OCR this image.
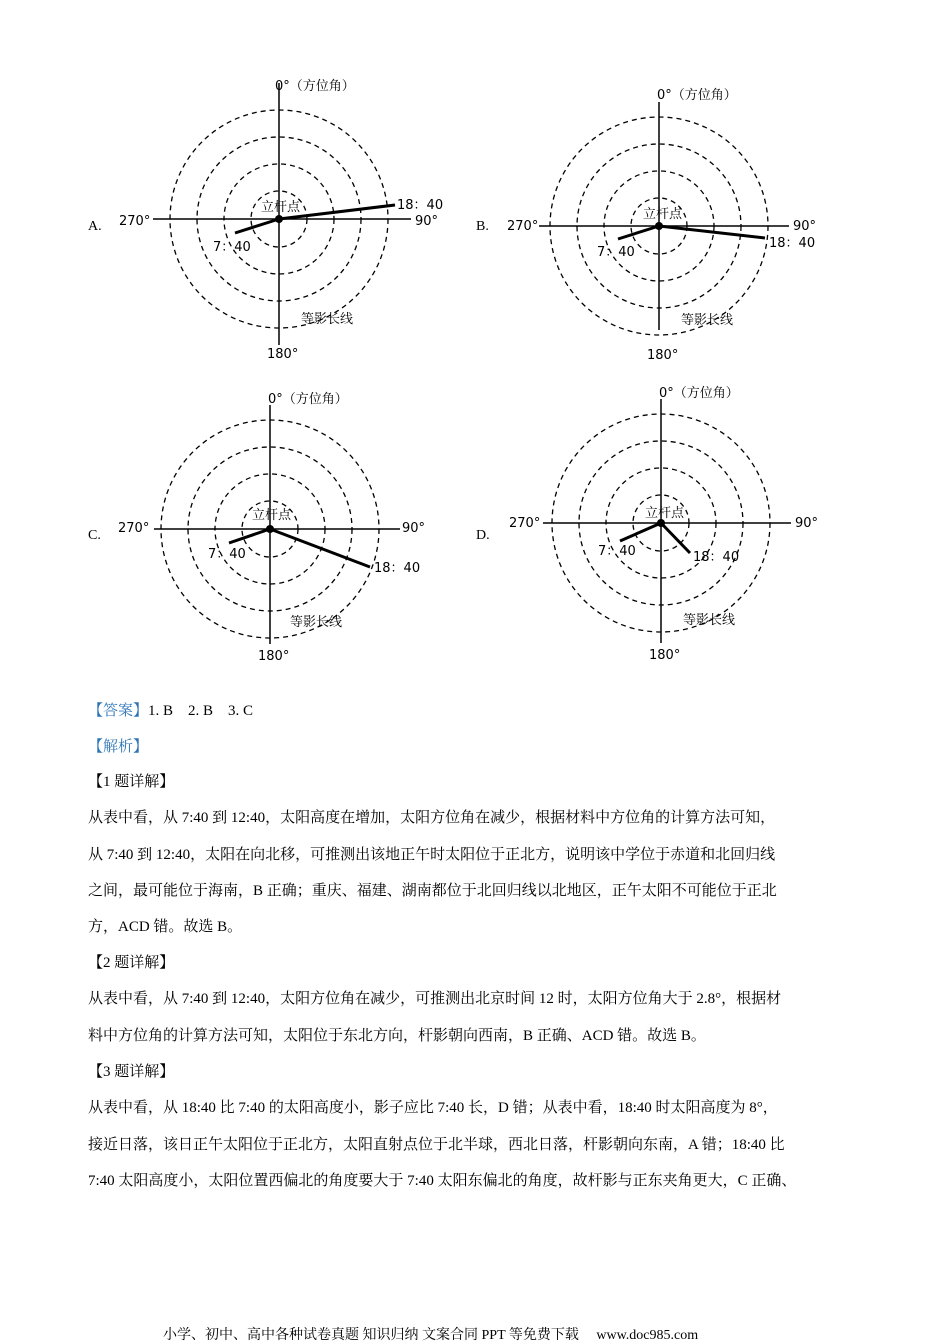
0°（方位角）
270°	90°
180°
立杆点
7：40
18：40
等影长线
A.
0°（方位角）
270°	90°
180°
立杆点
7：40
18：40
等影长线
B.
0°（方位角）
270°	90°
180°
立杆点
7：40
18：40
等影长线
C.
0°（方位角）
270°	90°
180°
立杆点
7：40	18：40
等影长线
D.
【答案】1. B　2. B　3. C
【解析】
【1 题详解】
从表中看，从 7:40 到 12:40，太阳高度在增加，太阳方位角在减少，根据材料中方位角的计算方法可知，
从 7:40 到 12:40，太阳在向北移，可推测出该地正午时太阳位于正北方，说明该中学位于赤道和北回归线
之间，最可能位于海南，B 正确；重庆、福建、湖南都位于北回归线以北地区，正午太阳不可能位于正北
方，ACD 错。故选 B。
【2 题详解】
从表中看，从 7:40 到 12:40，太阳方位角在减少，可推测出北京时间 12 时，太阳方位角大于 2.8°，根据材
料中方位角的计算方法可知，太阳位于东北方向，杆影朝向西南，B 正确、ACD 错。故选 B。
【3 题详解】
从表中看，从 18:40 比 7:40 的太阳高度小，影子应比 7:40 长，D 错；从表中看，18:40 时太阳高度为 8°，
接近日落，该日正午太阳位于正北方，太阳直射点位于北半球，西北日落，杆影朝向东南，A 错；18:40 比
7:40 太阳高度小，太阳位置西偏北的角度要大于 7:40 太阳东偏北的角度，故杆影与正东夹角更大，C 正确、
小学、初中、高中各种试卷真题 知识归纳 文案合同 PPT 等免费下载　 www.doc985.com
